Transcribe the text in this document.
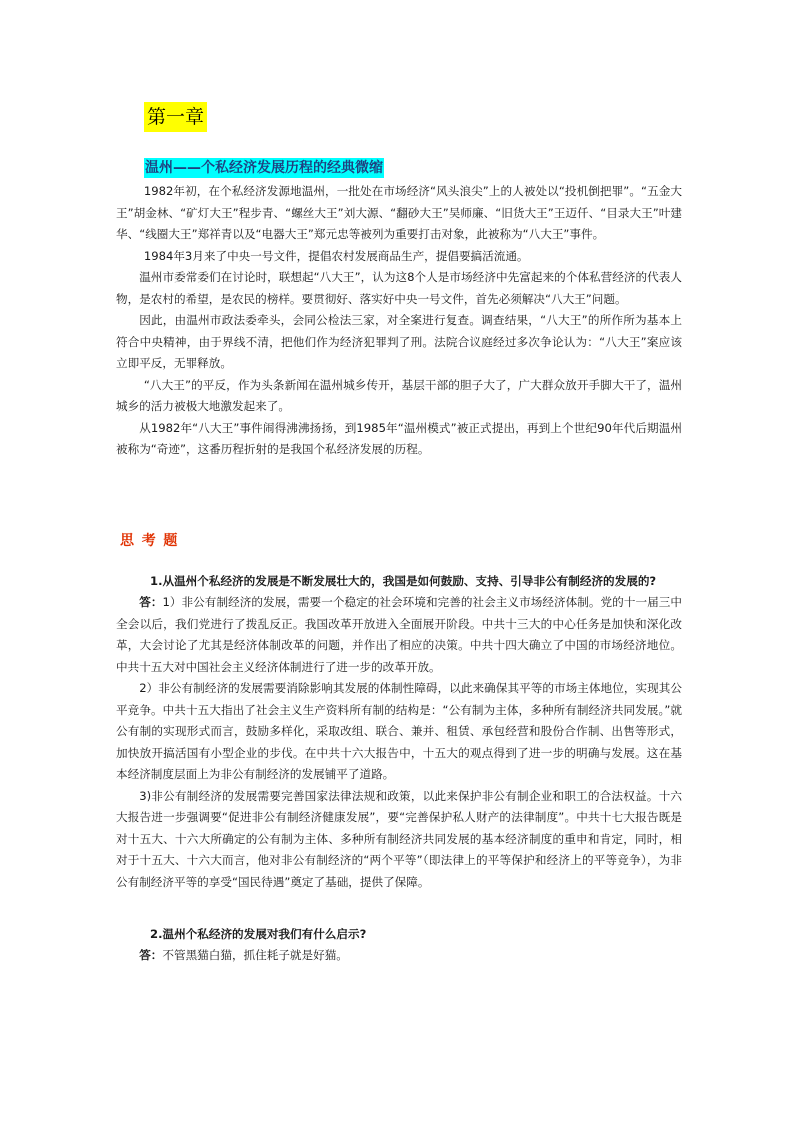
第一章
温州——个私经济发展历程的经典微缩

1982年初，在个私经济发源地温州，一批处在市场经济“风头浪尖”上的人被处以“投机倒把罪”。“五金大王”胡金林、“矿灯大王”程步青、“螺丝大王”刘大源、“翻砂大王”吴师廉、“旧货大王”王迈仟、“目录大王”叶建华、“线圈大王”郑祥青以及“电器大王”郑元忠等被列为重要打击对象，此被称为“八大王”事件。

1984年3月来了中央一号文件，提倡农村发展商品生产，提倡要搞活流通。

温州市委常委们在讨论时，联想起“八大王”，认为这8个人是市场经济中先富起来的个体私营经济的代表人物，是农村的希望，是农民的榜样。要贯彻好、落实好中央一号文件，首先必须解决“八大王”问题。

因此，由温州市政法委牵头，会同公检法三家，对全案进行复查。调查结果，“八大王”的所作所为基本上符合中央精神，由于界线不清，把他们作为经济犯罪判了刑。法院合议庭经过多次争论认为：“八大王”案应该立即平反，无罪释放。

“八大王”的平反，作为头条新闻在温州城乡传开，基层干部的胆子大了，广大群众放开手脚大干了，温州城乡的活力被极大地激发起来了。

从1982年“八大王”事件闹得沸沸扬扬，到1985年“温州模式”被正式提出，再到上个世纪90年代后期温州被称为“奇迹”，这番历程折射的是我国个私经济发展的历程。

思考题
1.从温州个私经济的发展是不断发展壮大的，我国是如何鼓励、支持、引导非公有制经济的发展的?

答：1）非公有制经济的发展，需要一个稳定的社会环境和完善的社会主义市场经济体制。党的十一届三中全会以后，我们党进行了拨乱反正。我国改革开放进入全面展开阶段。中共十三大的中心任务是加快和深化改革，大会讨论了尤其是经济体制改革的问题，并作出了相应的决策。中共十四大确立了中国的市场经济地位。中共十五大对中国社会主义经济体制进行了进一步的改革开放。

2）非公有制经济的发展需要消除影响其发展的体制性障碍，以此来确保其平等的市场主体地位，实现其公平竞争。中共十五大指出了社会主义生产资料所有制的结构是：“公有制为主体，多种所有制经济共同发展。”就公有制的实现形式而言，鼓励多样化，采取改组、联合、兼并、租赁、承包经营和股份合作制、出售等形式，加快放开搞活国有小型企业的步伐。在中共十六大报告中，十五大的观点得到了进一步的明确与发展。这在基本经济制度层面上为非公有制经济的发展铺平了道路。

3)非公有制经济的发展需要完善国家法律法规和政策，以此来保护非公有制企业和职工的合法权益。十六大报告进一步强调要“促进非公有制经济健康发展”，要“完善保护私人财产的法律制度”。中共十七大报告既是对十五大、十六大所确定的公有制为主体、多种所有制经济共同发展的基本经济制度的重申和肯定，同时，相对于十五大、十六大而言，他对非公有制经济的“两个平等”（即法律上的平等保护和经济上的平等竞争），为非公有制经济平等的享受“国民待遇”奠定了基础，提供了保障。

2.温州个私经济的发展对我们有什么启示?

答：不管黑猫白猫，抓住耗子就是好猫。
